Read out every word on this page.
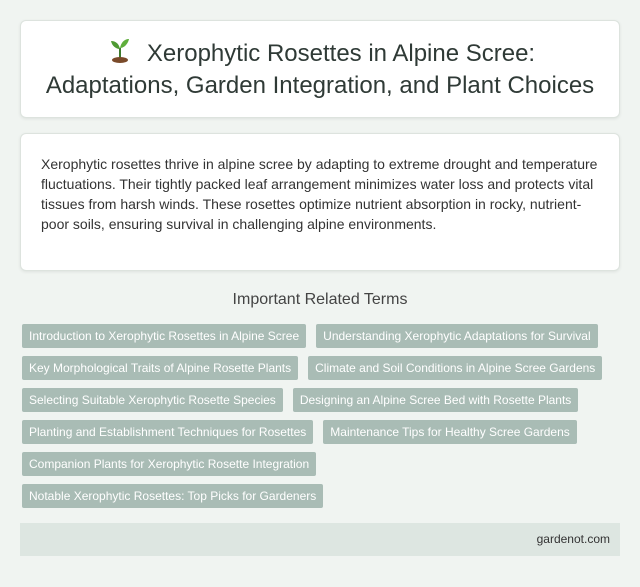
Xerophytic Rosettes in Alpine Scree: Adaptations, Garden Integration, and Plant Choices

Xerophytic rosettes thrive in alpine scree by adapting to extreme drought and temperature fluctuations. Their tightly packed leaf arrangement minimizes water loss and protects vital tissues from harsh winds. These rosettes optimize nutrient absorption in rocky, nutrient-poor soils, ensuring survival in challenging alpine environments.

Important Related Terms
Introduction to Xerophytic Rosettes in Alpine Scree	Understanding Xerophytic Adaptations for Survival
Key Morphological Traits of Alpine Rosette Plants	Climate and Soil Conditions in Alpine Scree Gardens
Selecting Suitable Xerophytic Rosette Species	Designing an Alpine Scree Bed with Rosette Plants
Planting and Establishment Techniques for Rosettes	Maintenance Tips for Healthy Scree Gardens
Companion Plants for Xerophytic Rosette Integration
Notable Xerophytic Rosettes: Top Picks for Gardeners
gardenot.com
